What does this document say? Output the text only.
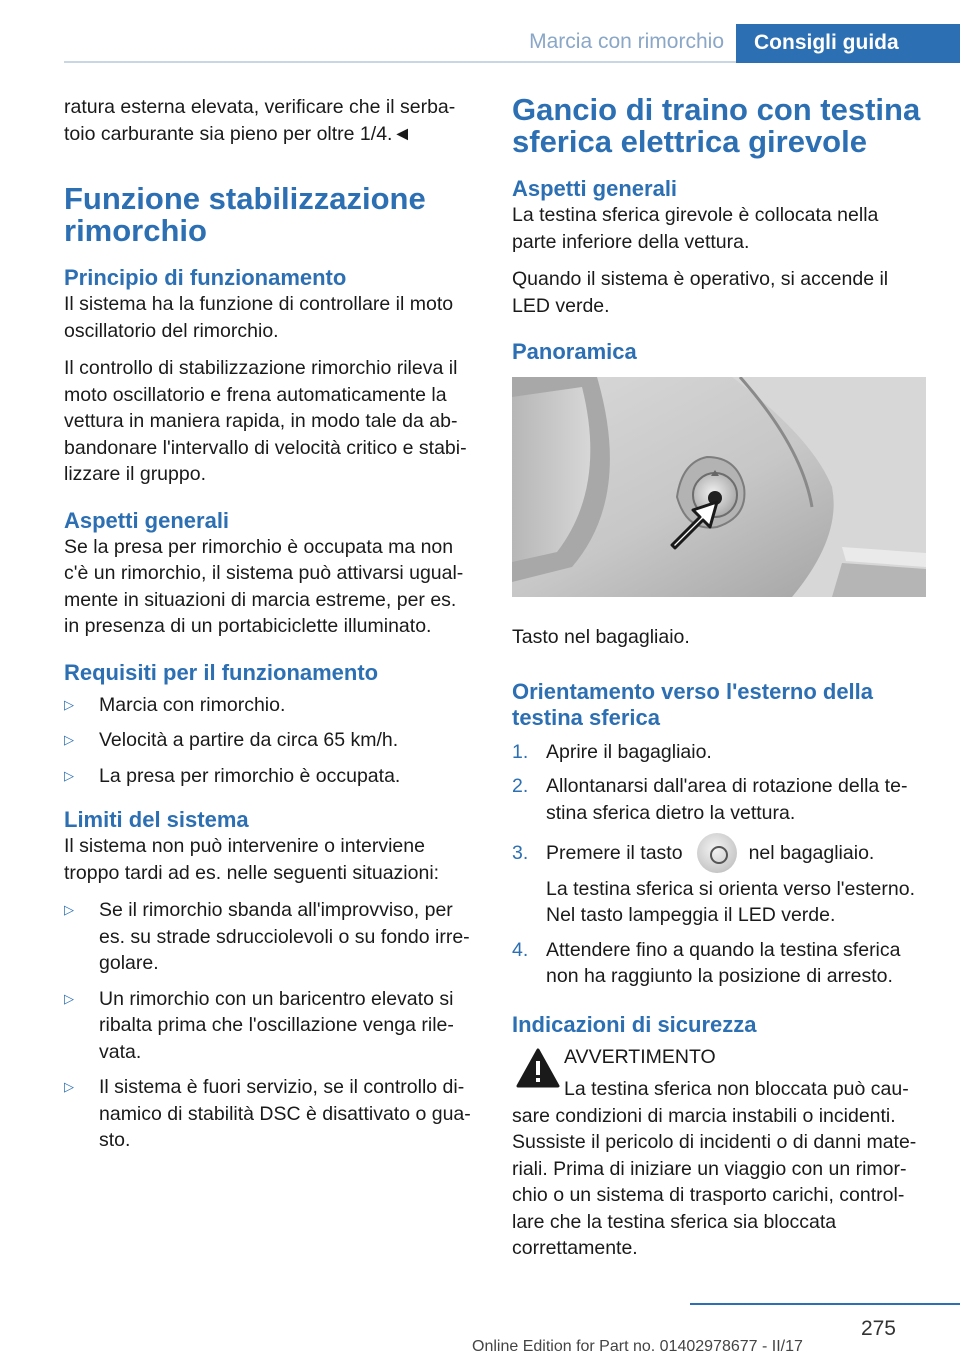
Marcia con rimorchio	Consigli guida

ratura esterna elevata, verificare che il serba-toio carburante sia pieno per oltre 1/4.◄

Funzione stabilizzazione rimorchio
Principio di funzionamento

Il sistema ha la funzione di controllare il moto oscillatorio del rimorchio.

Il controllo di stabilizzazione rimorchio rileva il moto oscillatorio e frena automaticamente la vettura in maniera rapida, in modo tale da ab-bandonare l'intervallo di velocità critico e stabi-lizzare il gruppo.

Aspetti generali

Se la presa per rimorchio è occupata ma non c'è un rimorchio, il sistema può attivarsi ugual-mente in situazioni di marcia estreme, per es. in presenza di un portabiciclette illuminato.

Requisiti per il funzionamento
▷ Marcia con rimorchio.
▷ Velocità a partire da circa 65 km/h.
▷ La presa per rimorchio è occupata.
Limiti del sistema

Il sistema non può intervenire o interviene troppo tardi ad es. nelle seguenti situazioni:

▷ Se il rimorchio sbanda all'improvviso, per es. su strade sdrucciolevoli o su fondo irre-golare.
▷ Un rimorchio con un baricentro elevato si ribalta prima che l'oscillazione venga rile-vata.
▷ Il sistema è fuori servizio, se il controllo di-namico di stabilità DSC è disattivato o gua-sto.
Gancio di traino con testina sferica elettrica girevole
Aspetti generali

La testina sferica girevole è collocata nella parte inferiore della vettura.

Quando il sistema è operativo, si accende il LED verde.

Panoramica

Tasto nel bagagliaio.

Orientamento verso l'esterno della testina sferica
1. Aprire il bagagliaio.
2. Allontanarsi dall'area di rotazione della te-stina sferica dietro la vettura.
3. Premere il tasto	nel bagagliaio.
La testina sferica si orienta verso l'esterno.
Nel tasto lampeggia il LED verde.
4. Attendere fino a quando la testina sferica non ha raggiunto la posizione di arresto.
Indicazioni di sicurezza

AVVERTIMENTO

La testina sferica non bloccata può cau-

sare condizioni di marcia instabili o incidenti. Sussiste il pericolo di incidenti o di danni mate-riali. Prima di iniziare un viaggio con un rimor-chio o un sistema di trasporto carichi, control-lare che la testina sferica sia bloccata correttamente.

275
Online Edition for Part no. 01402978677 - II/17
